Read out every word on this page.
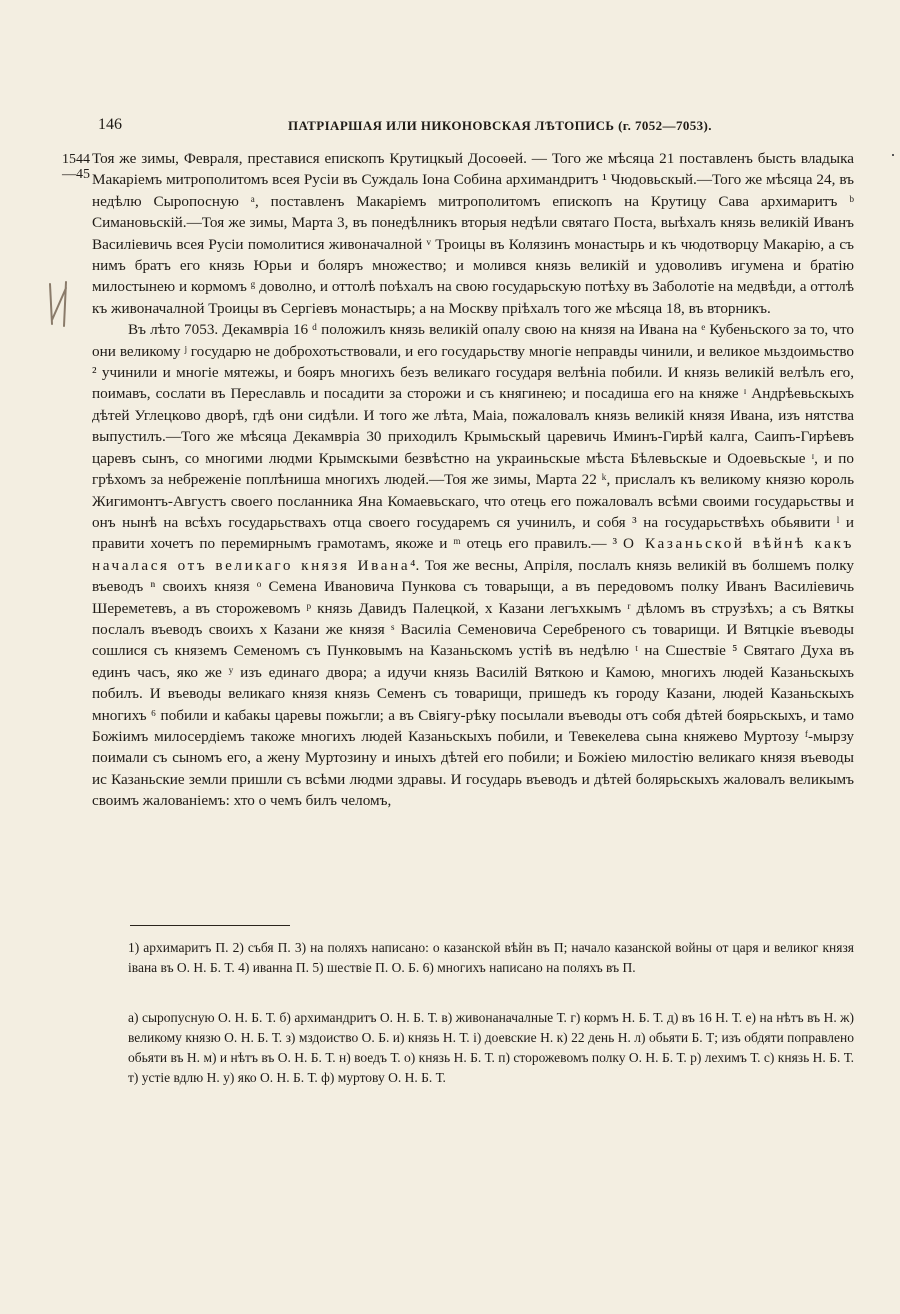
146	ПАТРІАРШАЯ ИЛИ НИКОНОВСКАЯ ЛѢТОПИСЬ (г. 7052—7053).
1544
—45

Тоя же зимы, Февраля, преставися епископъ Крутицкый Досоѳей. — Того же мѣсяца 21 поставленъ бысть владыка Макаріемъ митрополитомъ всея Русіи въ Суждаль Іона Собина архимандритъ ¹ Чюдовьскый.—Того же мѣсяца 24, въ недѣлю Сыропосную ᵃ, поставленъ Макаріемъ митрополитомъ епископъ на Крутицу Сава архимаритъ ᵇ Симановьскій.—Тоя же зимы, Марта 3, въ понедѣлникъ вторыя недѣли святаго Поста, выѣхалъ князь великій Иванъ Василіевичь всея Русіи помолитися живоначалной ᵛ Троицы въ Колязинъ монастырь и къ чюдотворцу Макарію, а съ нимъ братъ его князь Юрьи и боляръ множество; и молився князь великій и удоволивъ игумена и братію милостынею и кормомъ ᵍ доволно, и оттолѣ поѣхалъ на свою государьскую потѣху въ Заболотіе на медвѣди, а оттолѣ къ живоначалной Троицы въ Сергіевъ монастырь; а на Москву пріѣхалъ того же мѣсяца 18, въ вторникъ.

Въ лѣто 7053. Декамвріа 16 ᵈ положилъ князь великій опалу свою на князя на Ивана на ᵉ Кубеньского за то, что они великому ʲ государю не доброхотьствовали, и его государьству многіе неправды чинили, и великое мьздоимьство ² учинили и многіе мятежы, и бояръ многихъ безъ великаго государя велѣніа побили. И князь великій велѣлъ его, поимавъ, сослати въ Переславль и посадити за сторожи и съ княгинею; и посадиша его на княже ᶦ Андрѣевьскыхъ дѣтей Углецково дворѣ, гдѣ они сидѣли. И того же лѣта, Маіа, пожаловалъ князь великій князя Ивана, изъ нятства выпустилъ.—Того же мѣсяца Декамвріа 30 приходилъ Крымьскый царевичь Иминъ-Гирѣй калга, Саипъ-Гирѣевъ царевъ сынъ, со многими людми Крымскыми безвѣстно на украиньскые мѣста Бѣлевьскые и Одоевьскые ᶦ, и по грѣхомъ за небреженіе поплѣниша многихъ людей.—Тоя же зимы, Марта 22 ᵏ, прислалъ къ великому князю король Жигимонтъ-Августъ своего посланника Яна Комаевьскаго, что отець его пожаловалъ всѣми своими государьствы и онъ нынѣ на всѣхъ государьствахъ отца своего государемъ ся учинилъ, и собя ³ на государьствѣхъ обьявити ˡ и правити хочетъ по перемирнымъ грамотамъ, якоже и ᵐ отець его правилъ.— ³ О Казаньской вѣйнѣ какъ началася отъ великаго князя Ивана⁴. Тоя же весны, Апріля, послалъ князь великій въ болшемъ полку въеводъ ⁿ своихъ князя ᵒ Семена Ивановича Пункова съ товарыщи, а въ передовомъ полку Иванъ Василіевичь Шереметевъ, а въ сторожевомъ ᵖ князь Давидъ Палецкой, х Казани легъхкымъ ʳ дѣломъ въ струзѣхъ; а съ Вяткы послалъ въеводъ своихъ х Казани же князя ˢ Василіа Семеновича Серебреного съ товарищи. И Вятцкіе въеводы сошлися съ княземъ Семеномъ съ Пунковымъ на Казаньскомъ устіѣ въ недѣлю ᵗ на Сшествіе ⁵ Святаго Духа въ единъ часъ, яко же ʸ изъ единаго двора; а идучи князь Василій Вяткою и Камою, многихъ людей Казаньскыхъ побилъ. И въеводы великаго князя князь Семенъ съ товарищи, пришедъ къ городу Казани, людей Казаньскыхъ многихъ ⁶ побили и кабакы царевы пожьгли; а въ Свіягу-рѣку посылали въеводы отъ собя дѣтей боярьскыхъ, и тамо Божіимъ милосердіемъ такоже многихъ людей Казаньскыхъ побили, и Тевекелева сына княжево Муртозу ᶠ-мырзу поимали съ сыномъ его, а жену Муртозину и иныхъ дѣтей его побили; и Божіею милостію великаго князя въеводы ис Казаньские земли пришли съ всѣми людми здравы. И государь въеводъ и дѣтей болярьскыхъ жаловалъ великымъ своимъ жалованіемъ: хто о чемъ билъ челомъ,

1) архимаритъ П. 2) събя П. 3) на поляхъ написано: о казанской вѣйн въ П; начало казанской войны от царя и великог князя іванa въ О. Н. Б. Т. 4) иванна П. 5) шествіе П. О. Б. 6) многихъ написано на поляхъ въ П.

а) сыропусную О. Н. Б. Т. б) архимандритъ О. Н. Б. Т. в) живонаначалные Т. г) кормъ Н. Б. Т. д) въ 16 Н. Т. е) на нѣтъ въ Н. ж) великому князю О. Н. Б. Т. з) мздоиство О. Б. и) князь Н. Т. і) доевские Н. к) 22 день Н. л) обьяти Б. Т; изъ обдяти поправлено обьяти въ Н. м) и нѣтъ въ О. Н. Б. Т. н) воедъ Т. о) князь Н. Б. Т. п) сторожевомъ полку О. Н. Б. Т. р) лехимъ Т. с) князь Н. Б. Т. т) устіе вдлю Н. у) яко О. Н. Б. Т. ф) муртову О. Н. Б. Т.
